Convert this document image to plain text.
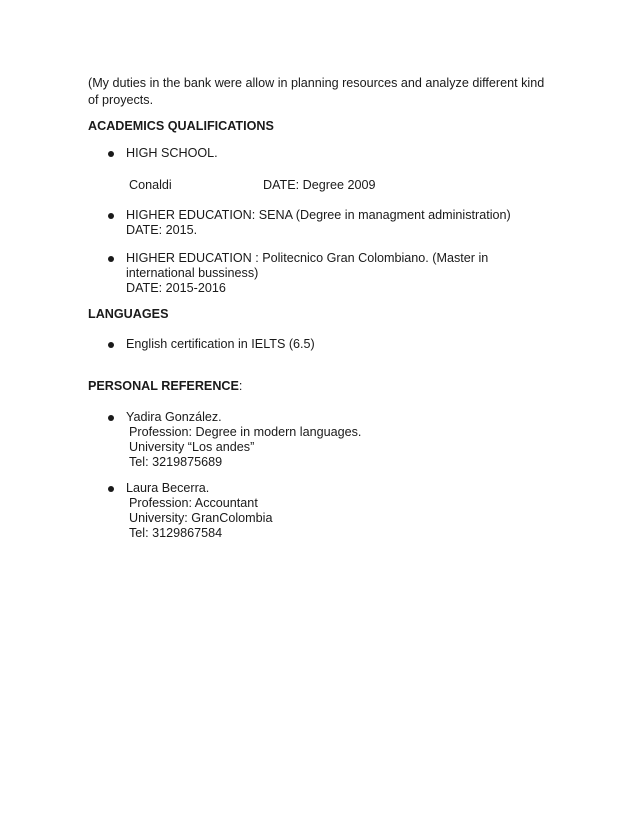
(My duties in the bank were allow in planning resources and analyze different kind
of proyects.
ACADEMICS QUALIFICATIONS
HIGH SCHOOL.
Conaldi	DATE: Degree 2009
HIGHER EDUCATION: SENA (Degree in managment administration)
DATE: 2015.
HIGHER EDUCATION : Politecnico Gran Colombiano. (Master in
international bussiness)
DATE: 2015-2016
LANGUAGES
English certification in IELTS (6.5)
PERSONAL REFERENCE:
Yadira González.
Profession: Degree in modern languages.
University “Los andes”
Tel: 3219875689
Laura Becerra.
Profession: Accountant
University: GranColombia
Tel: 3129867584
